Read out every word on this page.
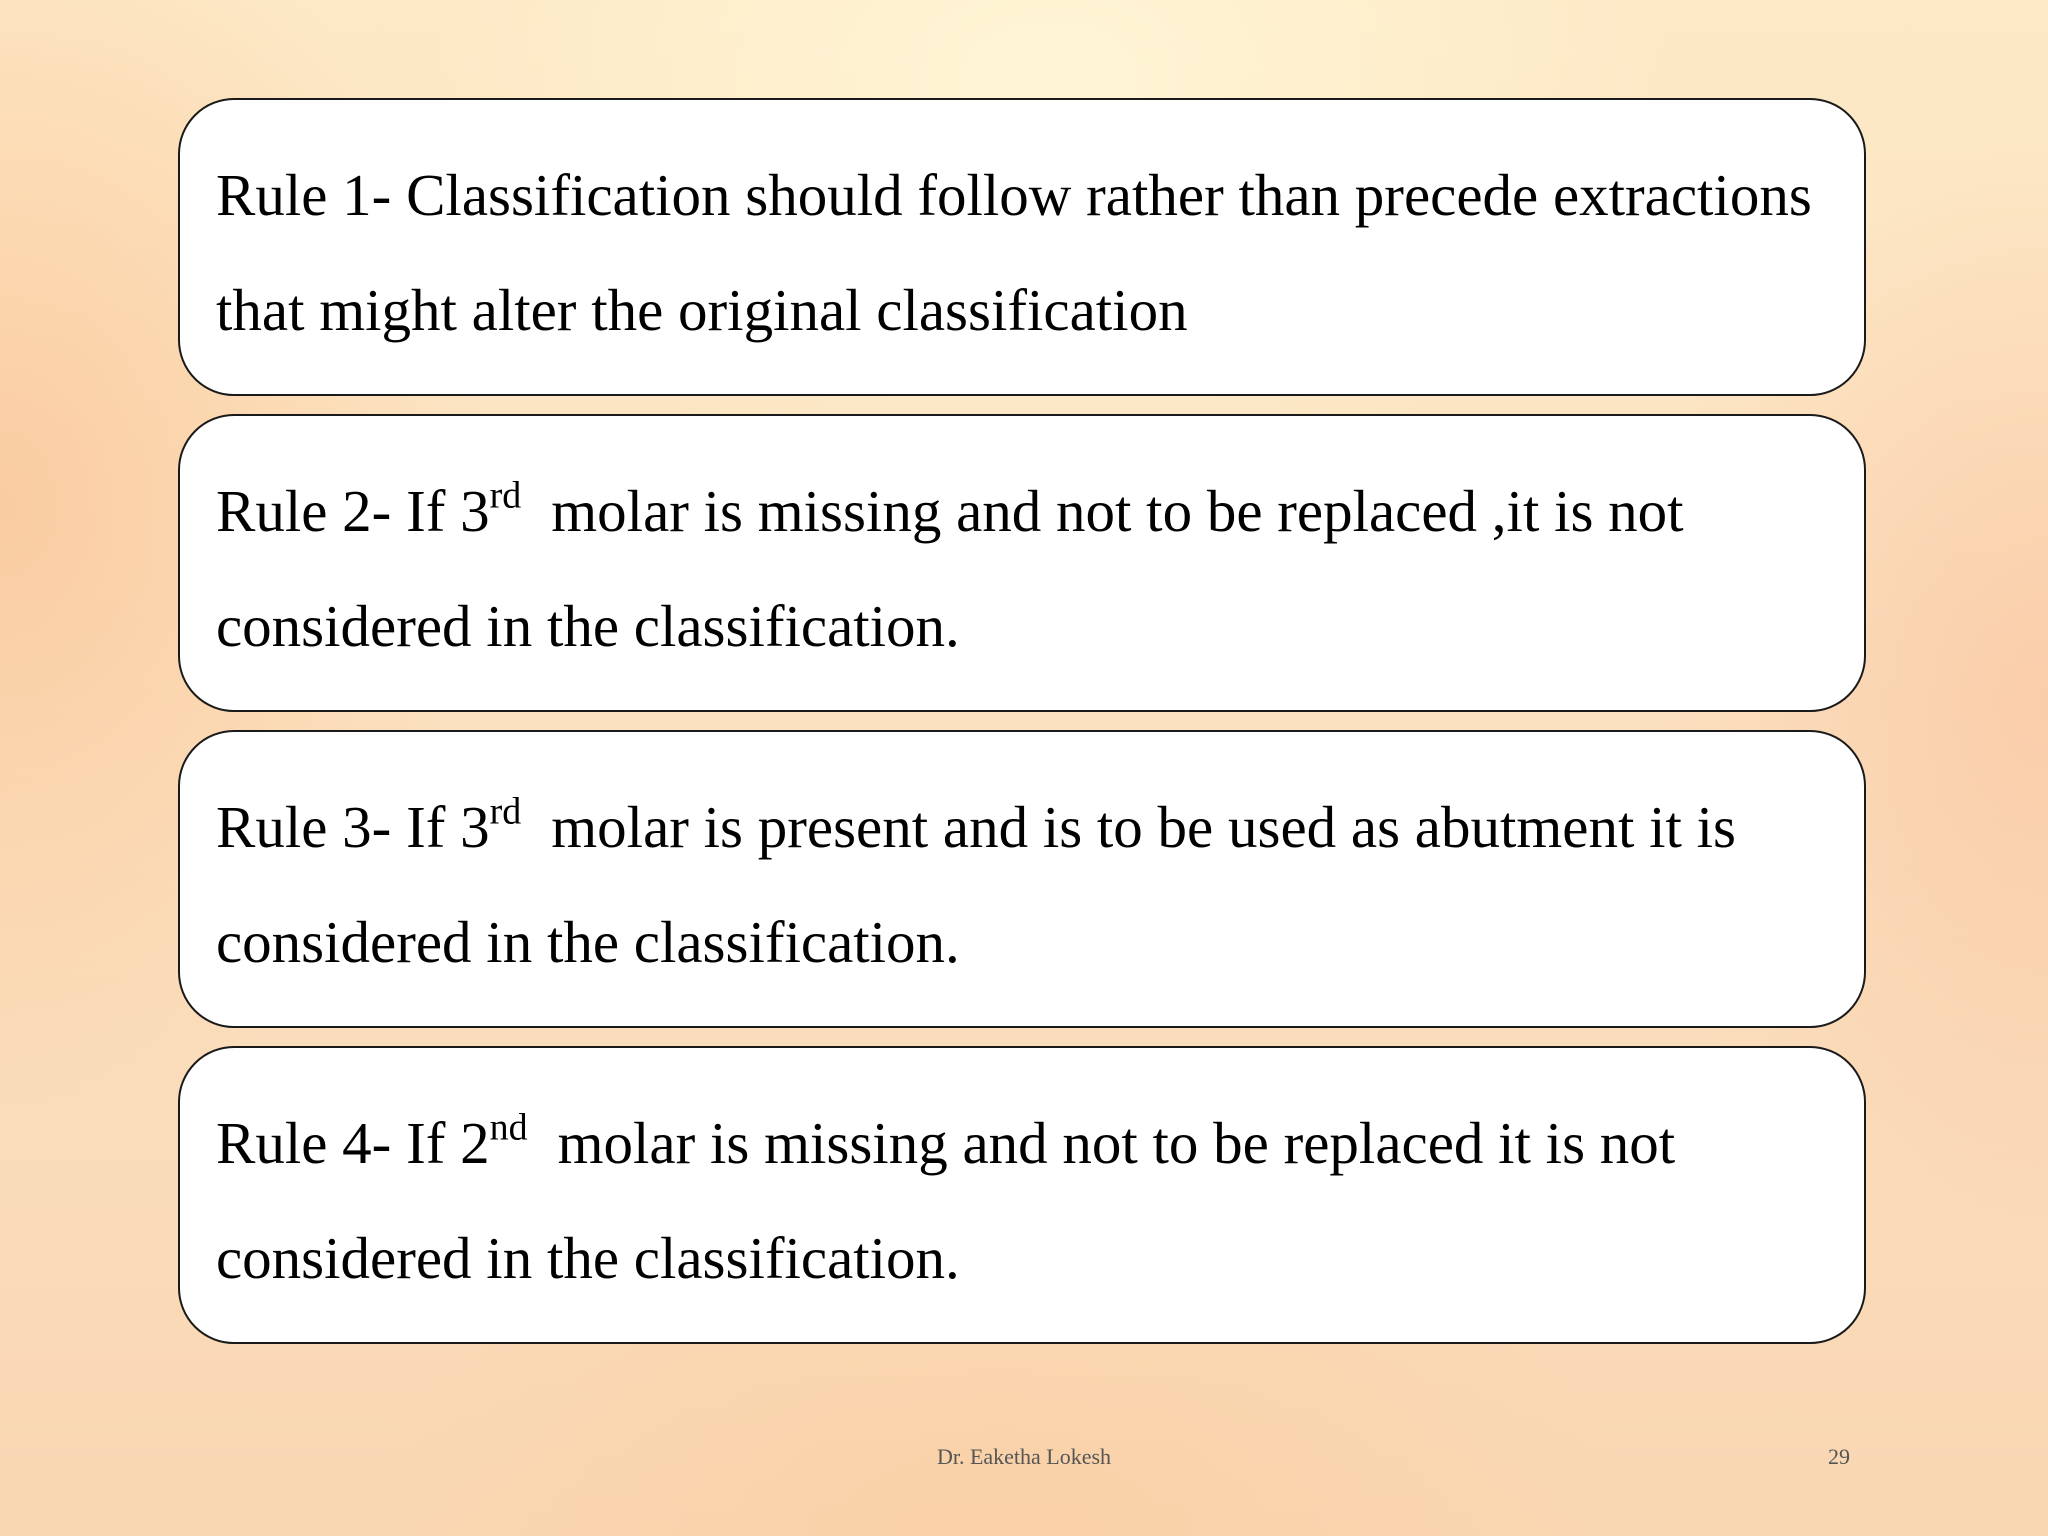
Rule 1- Classification should follow rather than precede extractions that might alter the original classification

Rule 2- If 3rd molar is missing and not to be replaced ,it is not considered in the classification.

Rule 3- If 3rd molar is present and is to be used as abutment it is considered in the classification.

Rule 4- If 2nd molar is missing and not to be replaced it is not considered in the classification.

Dr. Eaketha Lokesh	29
